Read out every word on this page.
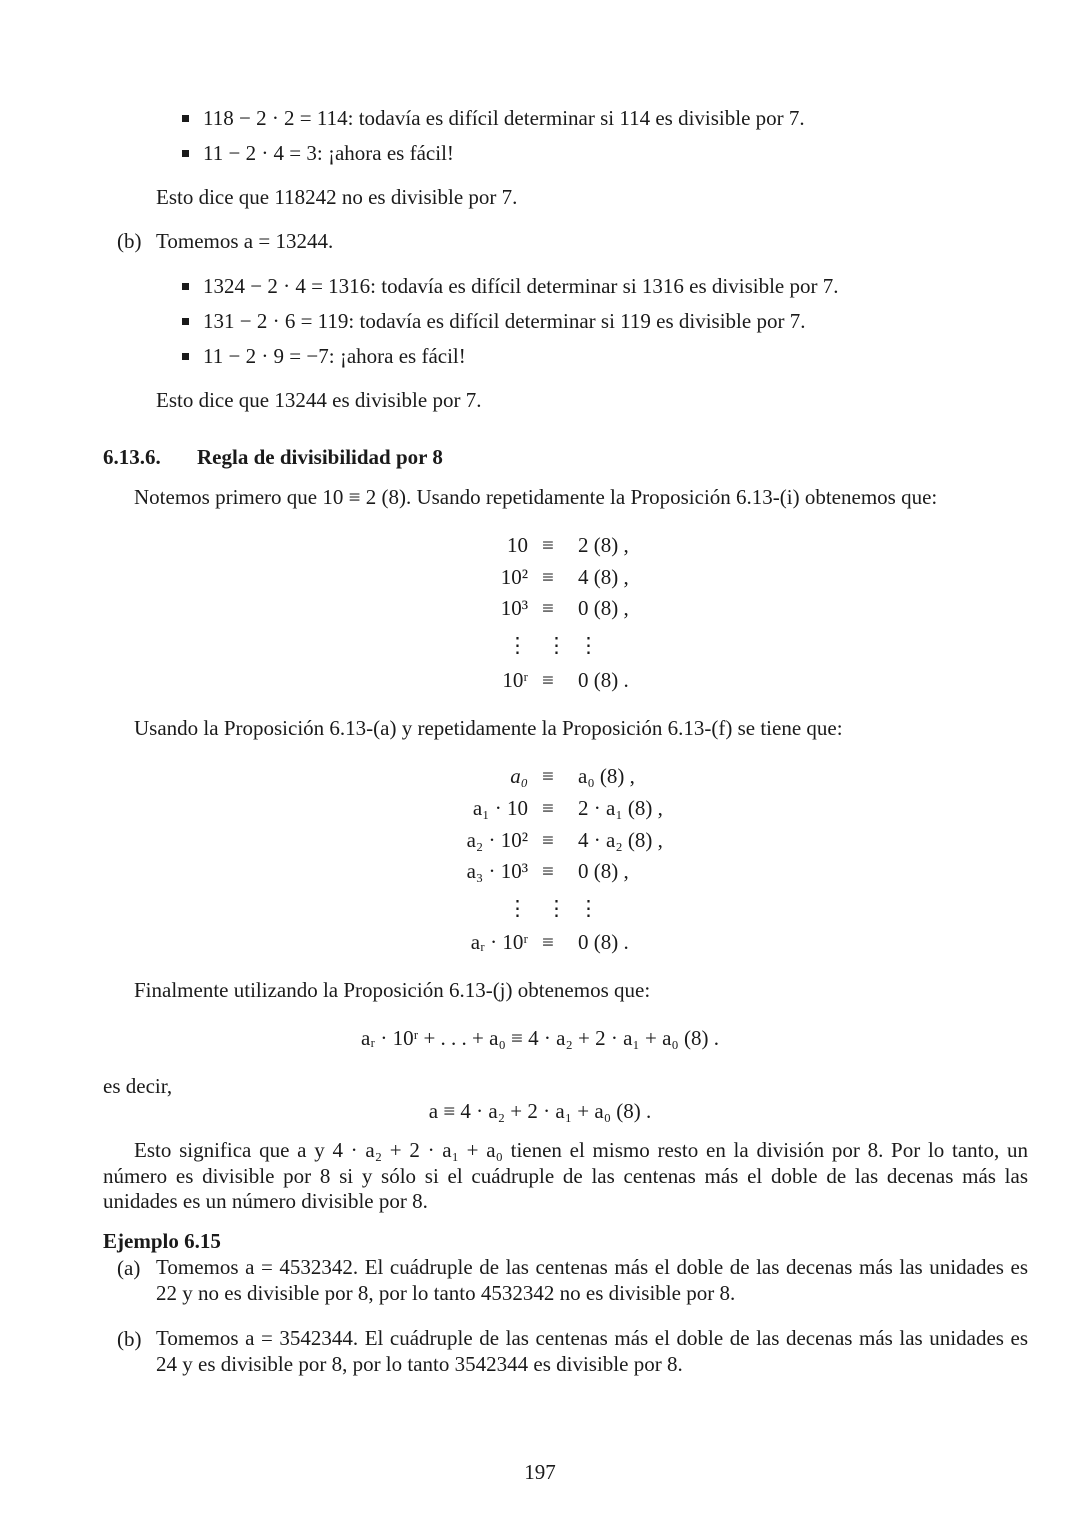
118 − 2 · 2 = 114: todavía es difícil determinar si 114 es divisible por 7.
11 − 2 · 4 = 3: ¡ahora es fácil!
Esto dice que 118242 no es divisible por 7.
(b) Tomemos a = 13244.
1324 − 2 · 4 = 1316: todavía es difícil determinar si 1316 es divisible por 7.
131 − 2 · 6 = 119: todavía es difícil determinar si 119 es divisible por 7.
11 − 2 · 9 = −7: ¡ahora es fácil!
Esto dice que 13244 es divisible por 7.
6.13.6. Regla de divisibilidad por 8
Notemos primero que 10 ≡ 2 (8). Usando repetidamente la Proposición 6.13-(i) obtenemos que:
10 ≡ 2 (8) ,
10² ≡ 4 (8) ,
10³ ≡ 0 (8) ,
⋮ ⋮ ⋮
10ʳ ≡ 0 (8) .
Usando la Proposición 6.13-(a) y repetidamente la Proposición 6.13-(f) se tiene que:
a₀ ≡ a₀ (8) ,
a₁ · 10 ≡ 2 · a₁ (8) ,
a₂ · 10² ≡ 4 · a₂ (8) ,
a₃ · 10³ ≡ 0 (8) ,
⋮ ⋮ ⋮
aᵣ · 10ʳ ≡ 0 (8) .
Finalmente utilizando la Proposición 6.13-(j) obtenemos que:
aᵣ · 10ʳ + . . . + a₀ ≡ 4 · a₂ + 2 · a₁ + a₀ (8) .
es decir,
a ≡ 4 · a₂ + 2 · a₁ + a₀ (8) .
Esto significa que a y 4 · a₂ + 2 · a₁ + a₀ tienen el mismo resto en la división por 8. Por lo tanto, un número es divisible por 8 si y sólo si el cuádruple de las centenas más el doble de las decenas más las unidades es un número divisible por 8.
Ejemplo 6.15
(a) Tomemos a = 4532342. El cuádruple de las centenas más el doble de las decenas más las unidades es 22 y no es divisible por 8, por lo tanto 4532342 no es divisible por 8.
(b) Tomemos a = 3542344. El cuádruple de las centenas más el doble de las decenas más las unidades es 24 y es divisible por 8, por lo tanto 3542344 es divisible por 8.
197
